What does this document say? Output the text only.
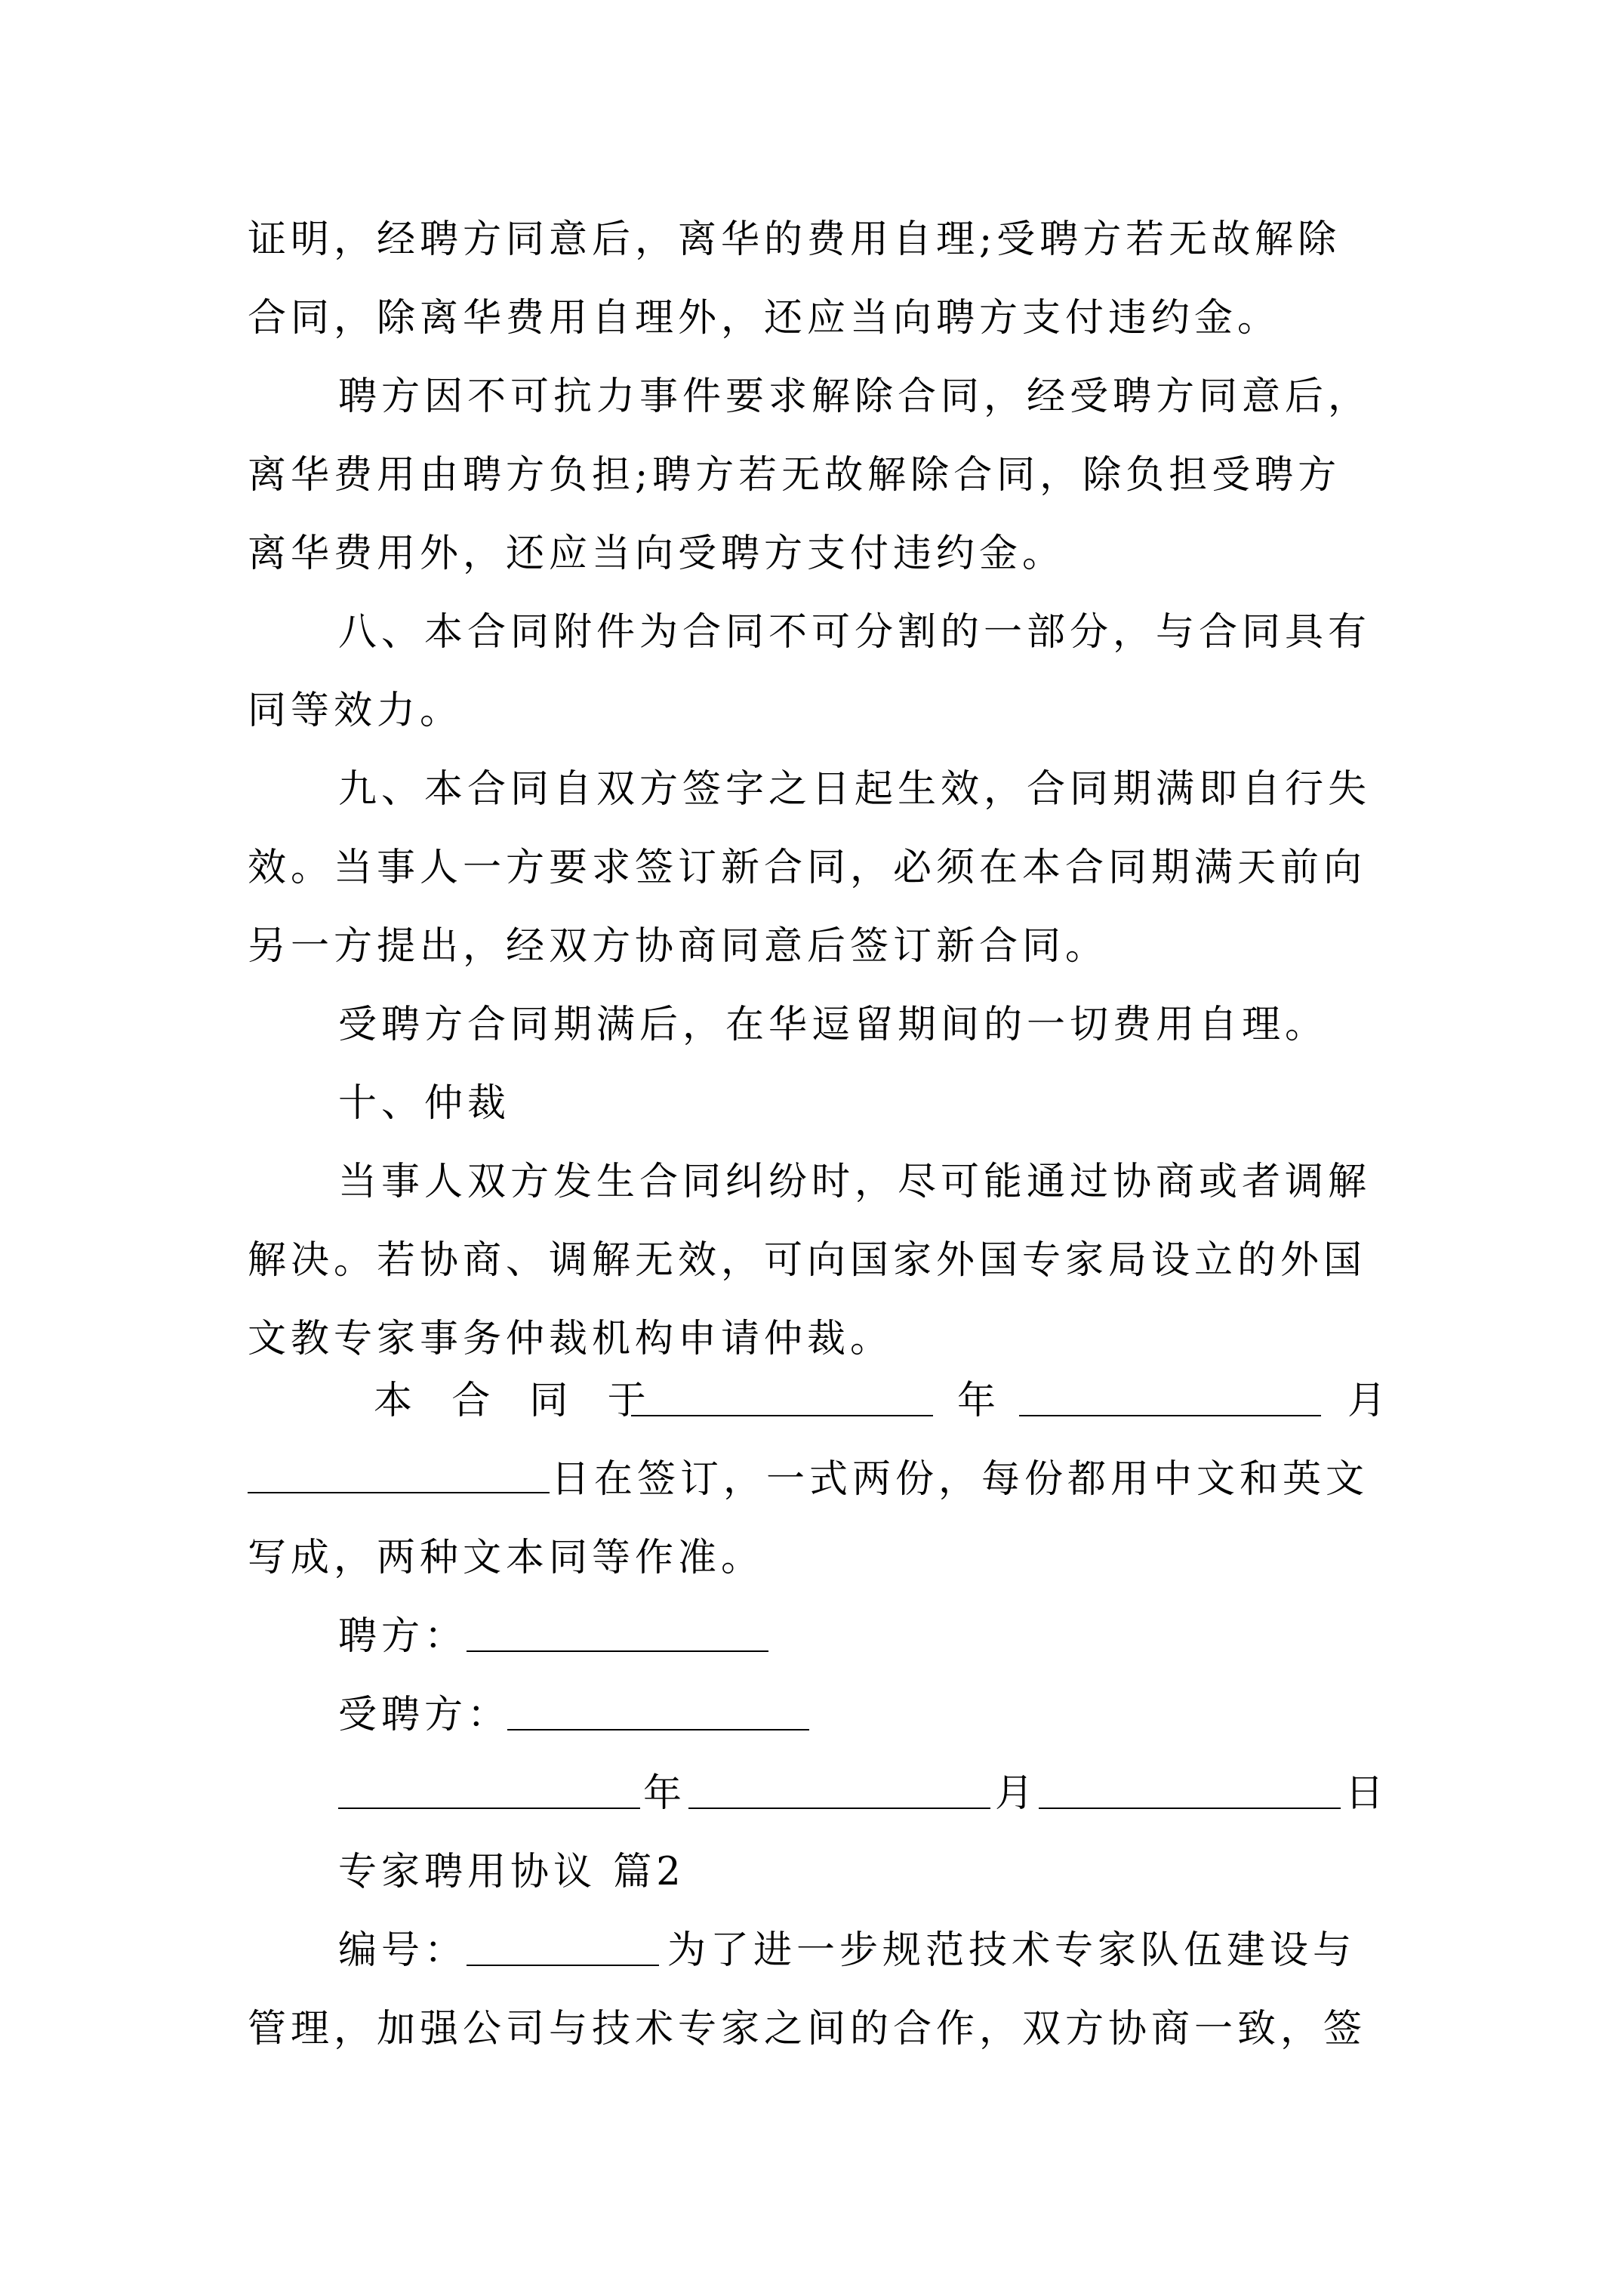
证明，经聘方同意后，离华的费用自理;受聘方若无故解除
合同，除离华费用自理外，还应当向聘方支付违约金。
聘方因不可抗力事件要求解除合同，经受聘方同意后，
离华费用由聘方负担;聘方若无故解除合同，除负担受聘方
离华费用外，还应当向受聘方支付违约金。
八、本合同附件为合同不可分割的一部分，与合同具有
同等效力。
九、本合同自双方签字之日起生效，合同期满即自行失
效。当事人一方要求签订新合同，必须在本合同期满天前向
另一方提出，经双方协商同意后签订新合同。
受聘方合同期满后，在华逗留期间的一切费用自理。
十、仲裁
当事人双方发生合同纠纷时，尽可能通过协商或者调解
解决。若协商、调解无效，可向国家外国专家局设立的外国
文教专家事务仲裁机构申请仲裁。
本 合 同 于	年	月
日在签订，一式两份，每份都用中文和英文
写成，两种文本同等作准。
聘方：
受聘方：
年	月	日
专家聘用协议 篇2
编号：	为了进一步规范技术专家队伍建设与
管理，加强公司与技术专家之间的合作，双方协商一致，签
